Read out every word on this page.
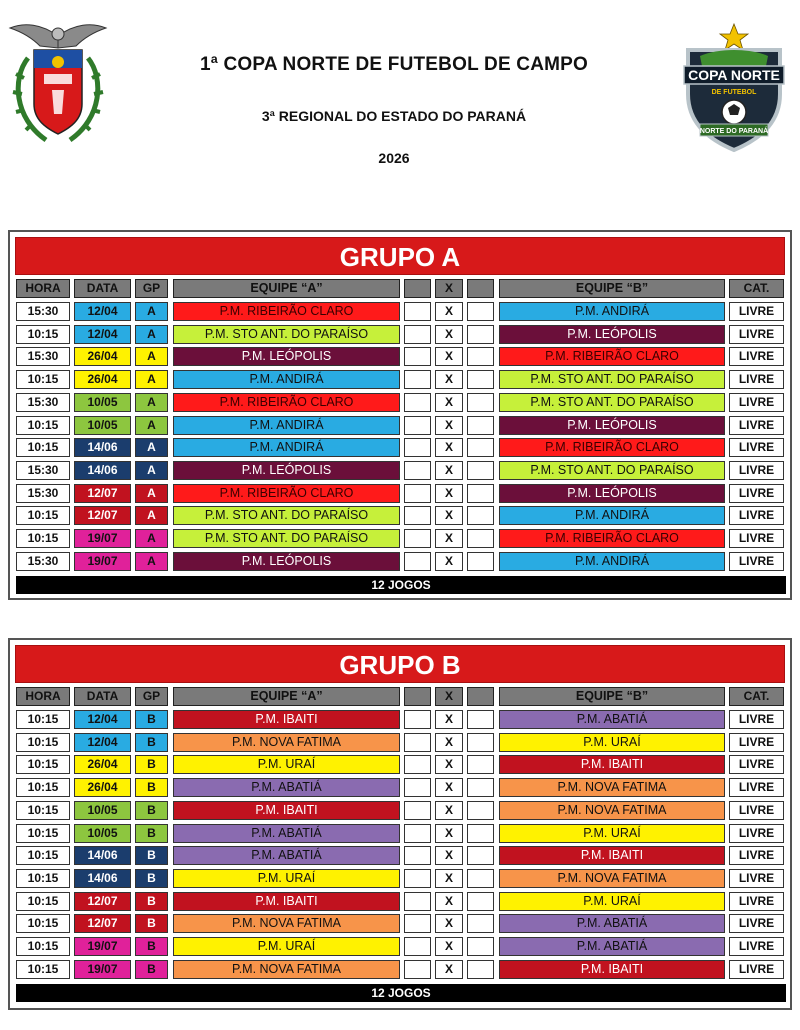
1ª COPA NORTE DE FUTEBOL DE CAMPO
3ª REGIONAL DO ESTADO DO PARANÁ
2026
COPA NORTE
DE FUTEBOL
NORTE DO PARANÁ
GRUPO A
HORA	DATA	GP	EQUIPE “A”	X	EQUIPE “B”	CAT.
15:30	12/04	A	P.M. RIBEIRÃO CLARO	X	P.M. ANDIRÁ	LIVRE
10:15	12/04	A	P.M. STO ANT. DO PARAÍSO	X	P.M. LEÓPOLIS	LIVRE
15:30	26/04	A	P.M. LEÓPOLIS	X	P.M. RIBEIRÃO CLARO	LIVRE
10:15	26/04	A	P.M. ANDIRÁ	X	P.M. STO ANT. DO PARAÍSO	LIVRE
15:30	10/05	A	P.M. RIBEIRÃO CLARO	X	P.M. STO ANT. DO PARAÍSO	LIVRE
10:15	10/05	A	P.M. ANDIRÁ	X	P.M. LEÓPOLIS	LIVRE
10:15	14/06	A	P.M. ANDIRÁ	X	P.M. RIBEIRÃO CLARO	LIVRE
15:30	14/06	A	P.M. LEÓPOLIS	X	P.M. STO ANT. DO PARAÍSO	LIVRE
15:30	12/07	A	P.M. RIBEIRÃO CLARO	X	P.M. LEÓPOLIS	LIVRE
10:15	12/07	A	P.M. STO ANT. DO PARAÍSO	X	P.M. ANDIRÁ	LIVRE
10:15	19/07	A	P.M. STO ANT. DO PARAÍSO	X	P.M. RIBEIRÃO CLARO	LIVRE
15:30	19/07	A	P.M. LEÓPOLIS	X	P.M. ANDIRÁ	LIVRE
12 JOGOS
GRUPO B
HORA	DATA	GP	EQUIPE “A”	X	EQUIPE “B”	CAT.
10:15	12/04	B	P.M. IBAITI	X	P.M. ABATIÁ	LIVRE
10:15	12/04	B	P.M. NOVA FATIMA	X	P.M. URAÍ	LIVRE
10:15	26/04	B	P.M. URAÍ	X	P.M. IBAITI	LIVRE
10:15	26/04	B	P.M. ABATIÁ	X	P.M. NOVA FATIMA	LIVRE
10:15	10/05	B	P.M. IBAITI	X	P.M. NOVA FATIMA	LIVRE
10:15	10/05	B	P.M. ABATIÁ	X	P.M. URAÍ	LIVRE
10:15	14/06	B	P.M. ABATIÁ	X	P.M. IBAITI	LIVRE
10:15	14/06	B	P.M. URAÍ	X	P.M. NOVA FATIMA	LIVRE
10:15	12/07	B	P.M. IBAITI	X	P.M. URAÍ	LIVRE
10:15	12/07	B	P.M. NOVA FATIMA	X	P.M. ABATIÁ	LIVRE
10:15	19/07	B	P.M. URAÍ	X	P.M. ABATIÁ	LIVRE
10:15	19/07	B	P.M. NOVA FATIMA	X	P.M. IBAITI	LIVRE
12 JOGOS
